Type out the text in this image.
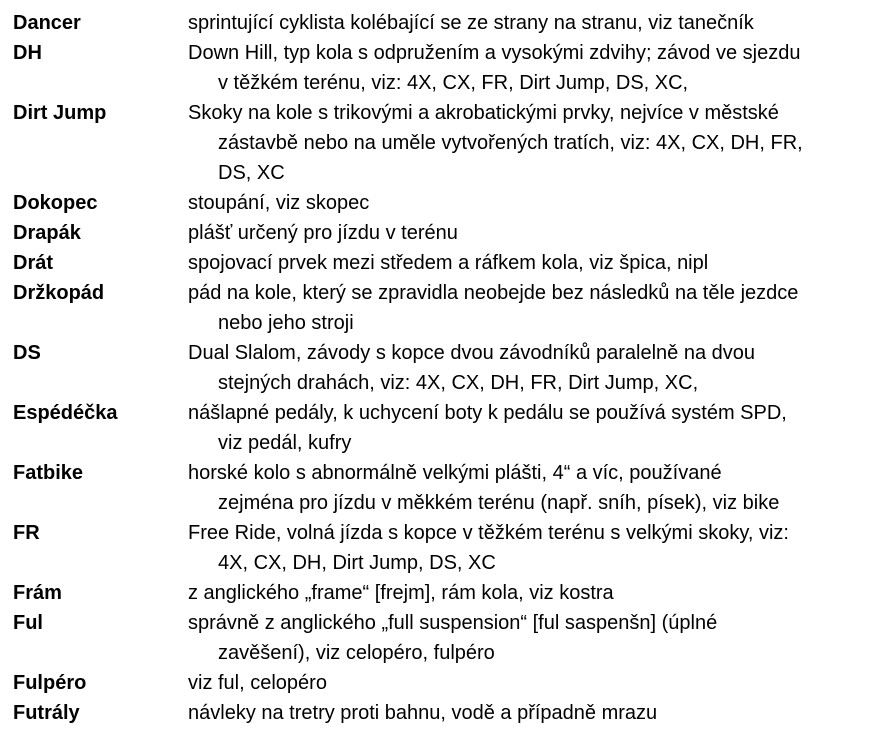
Dancer	sprintující cyklista kolébající se ze strany na stranu, viz tanečník
DH	Down Hill, typ kola s odpružením a vysokými zdvihy; závod ve sjezdu
v těžkém terénu, viz: 4X, CX, FR, Dirt Jump, DS, XC,
Dirt Jump	Skoky na kole s trikovými a akrobatickými prvky, nejvíce v městské
zástavbě nebo na uměle vytvořených tratích, viz: 4X, CX, DH, FR,
DS, XC
Dokopec	stoupání, viz skopec
Drapák	plášť určený pro jízdu v terénu
Drát	spojovací prvek mezi středem a ráfkem kola, viz špica, nipl
Držkopád	pád na kole, který se zpravidla neobejde bez následků na těle jezdce
nebo jeho stroji
DS	Dual Slalom, závody s kopce dvou závodníků paralelně na dvou
stejných drahách, viz: 4X, CX, DH, FR, Dirt Jump, XC,
Espédéčka	nášlapné pedály, k uchycení boty k pedálu se používá systém SPD,
viz pedál, kufry
Fatbike	horské kolo s abnormálně velkými plášti, 4“ a víc, používané
zejména pro jízdu v měkkém terénu (např. sníh, písek), viz bike
FR	Free Ride, volná jízda s kopce v těžkém terénu s velkými skoky, viz:
4X, CX, DH, Dirt Jump, DS, XC
Frám	z anglického „frame“ [frejm], rám kola, viz kostra
Ful	správně z anglického „full suspension“ [ful saspenšn] (úplné
zavěšení), viz celopéro, fulpéro
Fulpéro	viz ful, celopéro
Futrály	návleky na tretry proti bahnu, vodě a případně mrazu
